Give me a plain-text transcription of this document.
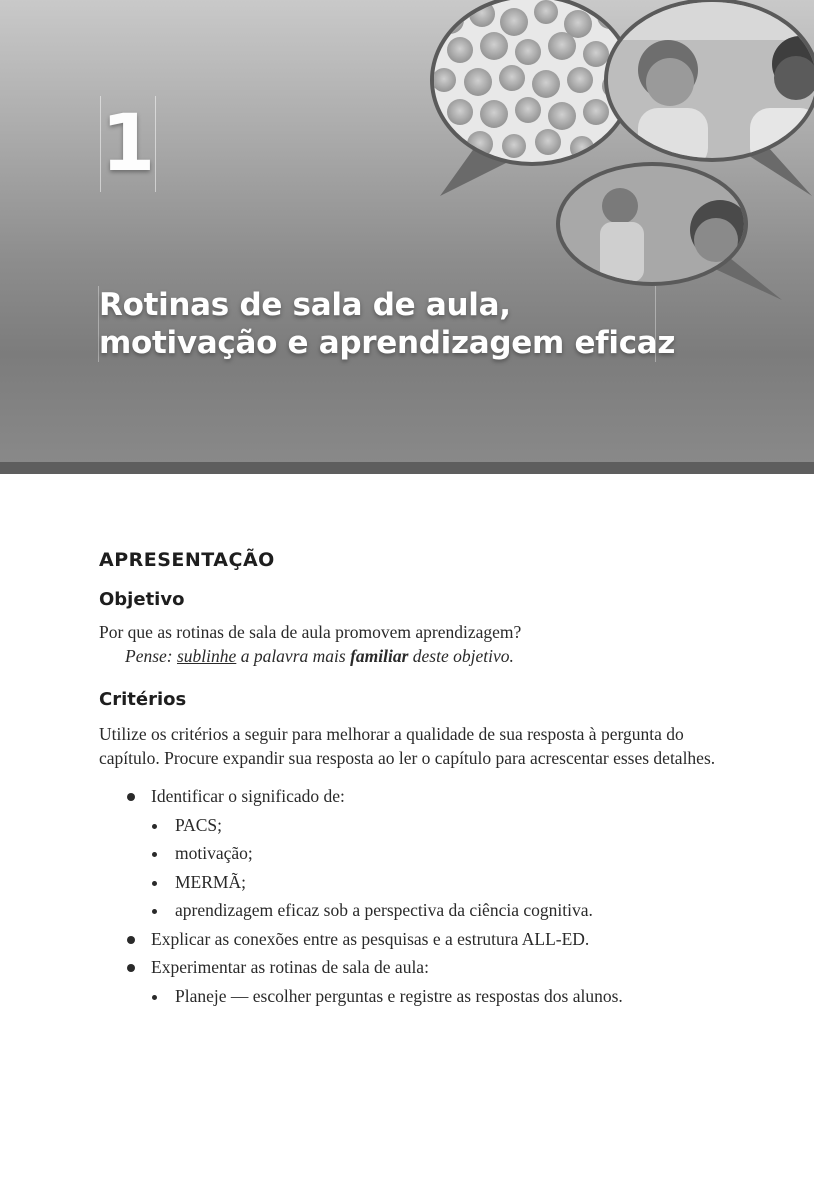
1
Rotinas de sala de aula,
motivação e aprendizagem eficaz
APRESENTAÇÃO
Objetivo

Por que as rotinas de sala de aula promovem aprendizagem?

Pense: sublinhe a palavra mais familiar deste objetivo.

Critérios

Utilize os critérios a seguir para melhorar a qualidade de sua resposta à pergunta do capítulo. Procure expandir sua resposta ao ler o capítulo para acrescentar esses detalhes.

Identificar o significado de:
PACS;
motivação;
MERMÃ;
aprendizagem eficaz sob a perspectiva da ciência cognitiva.
Explicar as conexões entre as pesquisas e a estrutura ALL-ED.
Experimentar as rotinas de sala de aula:
Planeje — escolher perguntas e registre as respostas dos alunos.
